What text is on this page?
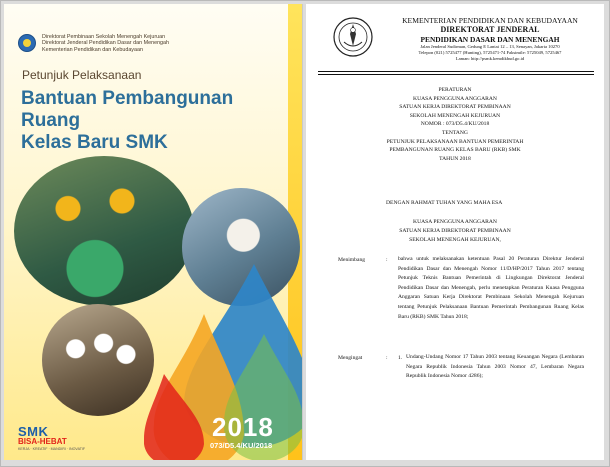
Direktorat Pembinaan Sekolah Menengah Kejuruan
Direktorat Jenderal Pendidikan Dasar dan Menengah
Kementerian Pendidikan dan Kebudayaan
Petunjuk Pelaksanaan
Bantuan Pembangunan Ruang
Kelas Baru SMK
2018
073/D5.4/KU/2018
SMK
BISA-HEBAT
KERJA · KREATIF · MANDIRI · INOVATIF
KEMENTERIAN PENDIDIKAN DAN KEBUDAYAAN
DIREKTORAT JENDERAL
PENDIDIKAN DASAR DAN MENENGAH
Jalan Jenderal Sudirman, Gedung E Lantai 12 – 13, Senayan, Jakarta 10270
Telepon (021) 5725477 (Hunting), 5725471-74 Faksimile: 5725049, 5725467
Laman: http://psmk.kemdikbud.go.id
PERATURAN
KUASA PENGGUNA ANGGARAN
SATUAN KERJA DIREKTORAT PEMBINAAN
SEKOLAH MENENGAH KEJURUAN
NOMOR : 073/D5.4/KU/2018
TENTANG
PETUNJUK PELAKSANAAN BANTUAN PEMERINTAH
PEMBANGUNAN RUANG KELAS BARU (RKB) SMK
TAHUN 2018
DENGAN RAHMAT TUHAN YANG MAHA ESA
KUASA PENGGUNA ANGGARAN
SATUAN KERJA DIREKTORAT PEMBINAAN
SEKOLAH MENENGAH KEJURUAN,
Menimbang	: bahwa untuk melaksanakan ketentuan Pasal 20 Peraturan Direktur Jenderal Pendidikan Dasar dan Menengah Nomor 11/D/HP/2017 Tahun 2017 tentang Petunjuk Teknis Bantuan Pemerintah di Lingkungan Direktorat Jenderal Pendidikan Dasar dan Menengah, perlu menetapkan Peraturan Kuasa Pengguna Anggaran Satuan Kerja Direktorat Pembinaan Sekolah Menengah Kejuruan tentang Petunjuk Pelaksanaan Bantuan Pemerintah Pembangunan Ruang Kelas Baru (RKB) SMK Tahun 2018;
Mengingat	: 1. Undang-Undang Nomor 17 Tahun 2003 tentang Keuangan Negara (Lembaran Negara Republik Indonesia Tahun 2003 Nomor 47, Lembaran Negara Republik Indonesia Nomor 4286);
